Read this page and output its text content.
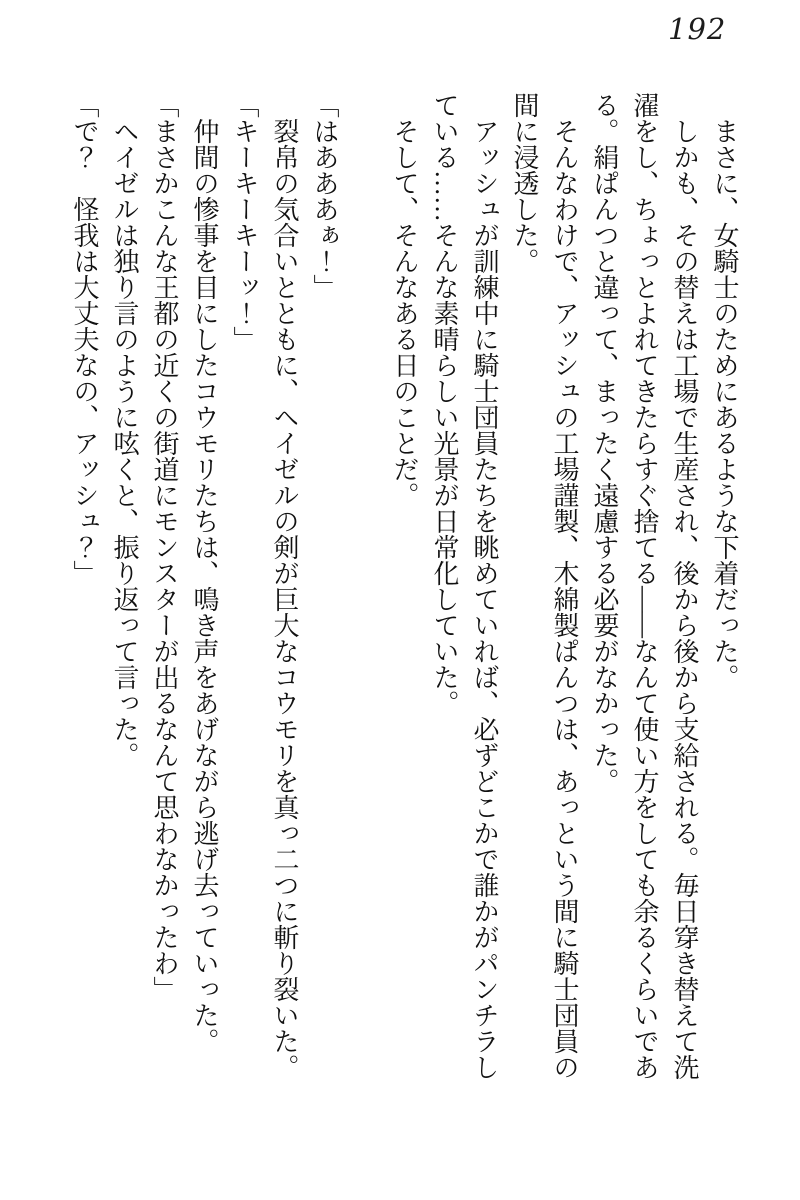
192

まさに、女騎士のためにあるような下着だった。

しかも、その替えは工場で生産され、後から後から支給される。毎日穿き替えて洗濯をし、ちょっとよれてきたらすぐ捨てる――なんて使い方をしても余るくらいである。絹ぱんつと違って、まったく遠慮する必要がなかった。

そんなわけで、アッシュの工場謹製、木綿製ぱんつは、あっという間に騎士団員の間に浸透した。

アッシュが訓練中に騎士団員たちを眺めていれば、必ずどこかで誰かがパンチラしている……そんな素晴らしい光景が日常化していた。

そして、そんなある日のことだ。

「はあああぁ！」

裂帛の気合いとともに、ヘイゼルの剣が巨大なコウモリを真っ二つに斬り裂いた。

「キーキーキーッ！」

仲間の惨事を目にしたコウモリたちは、鳴き声をあげながら逃げ去っていった。

「まさかこんな王都の近くの街道にモンスターが出るなんて思わなかったわ」

ヘイゼルは独り言のように呟くと、振り返って言った。

「で？　怪我は大丈夫なの、アッシュ？」
